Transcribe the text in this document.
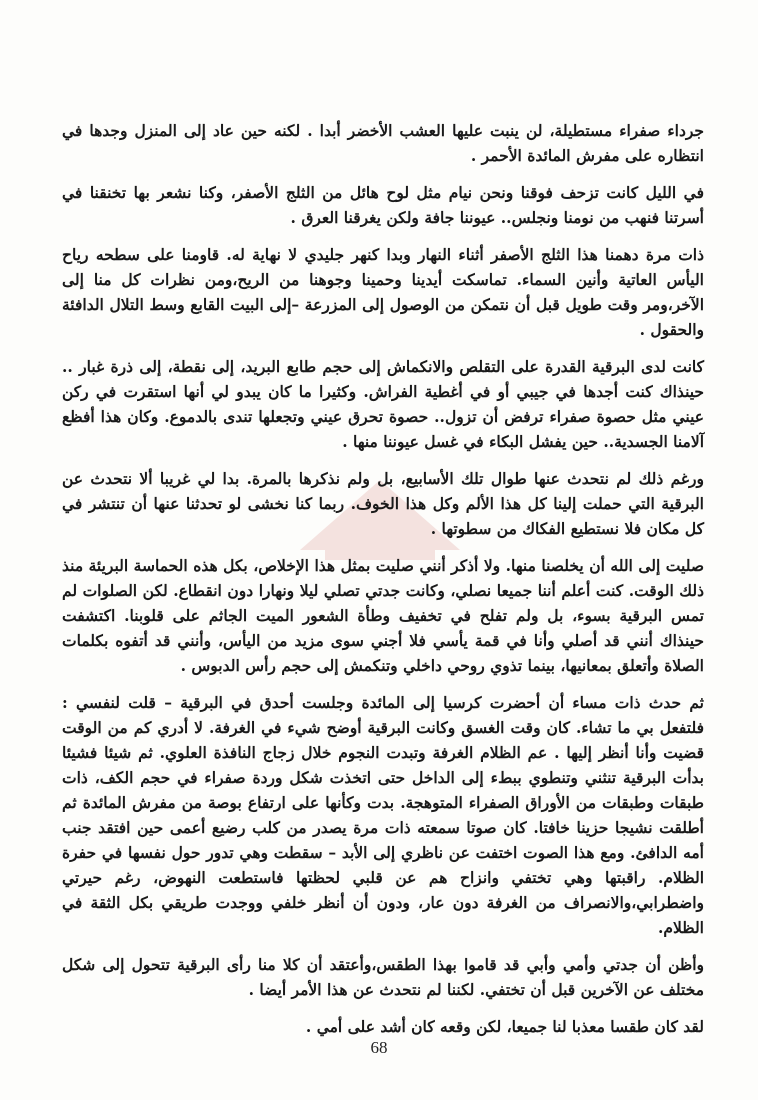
جرداء صفراء مستطيلة، لن ينبت عليها العشب الأخضر أبدا . لكنه حين عاد إلى المنزل وجدها في انتظاره على مفرش المائدة الأحمر .

في الليل كانت تزحف فوقنا ونحن نيام مثل لوح هائل من الثلج الأصفر، وكنا نشعر بها تخنقنا في أسرتنا فنهب من نومنا ونجلس.. عيوننا جافة ولكن يغرقنا العرق .

ذات مرة دهمنا هذا الثلج الأصفر أثناء النهار وبدا كنهر جليدي لا نهاية له. قاومنا على سطحه رياح اليأس العاتية وأنين السماء. تماسكت أيدينا وحمينا وجوهنا من الريح،ومن نظرات كل منا إلى الآخر،ومر وقت طويل قبل أن نتمكن من الوصول إلى المزرعة –إلى البيت القابع وسط التلال الدافئة والحقول .

كانت لدى البرقية القدرة على التقلص والانكماش إلى حجم طابع البريد، إلى نقطة، إلى ذرة غبار .. حينذاك كنت أجدها في جيبي أو في أغطية الفراش. وكثيرا ما كان يبدو لي أنها استقرت في ركن عيني مثل حصوة صفراء ترفض أن تزول.. حصوة تحرق عيني وتجعلها تندى بالدموع. وكان هذا أفظع آلامنا الجسدية.. حين يفشل البكاء في غسل عيوننا منها .

ورغم ذلك لم نتحدث عنها طوال تلك الأسابيع، بل ولم نذكرها بالمرة. بدا لي غريبا ألا نتحدث عن البرقية التي حملت إلينا كل هذا الألم وكل هذا الخوف. ربما كنا نخشى لو تحدثنا عنها أن تنتشر في كل مكان فلا نستطيع الفكاك من سطوتها .

صليت إلى الله أن يخلصنا منها. ولا أذكر أنني صليت بمثل هذا الإخلاص، بكل هذه الحماسة البريئة منذ ذلك الوقت. كنت أعلم أننا جميعا نصلي، وكانت جدتي تصلي ليلا ونهارا دون انقطاع. لكن الصلوات لم تمس البرقية بسوء، بل ولم تفلح في تخفيف وطأة الشعور الميت الجاثم على قلوبنا. اكتشفت حينذاك أنني قد أصلي وأنا في قمة يأسي فلا أجني سوى مزيد من اليأس، وأنني قد أتفوه بكلمات الصلاة وأتعلق بمعانيها، بينما تذوي روحي داخلي وتنكمش إلى حجم رأس الدبوس .

ثم حدث ذات مساء أن أحضرت كرسيا إلى المائدة وجلست أحدق في البرقية – قلت لنفسي : فلتفعل بي ما تشاء. كان وقت الغسق وكانت البرقية أوضح شيء في الغرفة. لا أدري كم من الوقت قضيت وأنا أنظر إليها . عم الظلام الغرفة وتبدت النجوم خلال زجاج النافذة العلوي. ثم شيئا فشيئا بدأت البرقية تنثني وتنطوي ببطء إلى الداخل حتى اتخذت شكل وردة صفراء في حجم الكف، ذات طبقات وطبقات من الأوراق الصفراء المتوهجة. بدت وكأنها على ارتفاع بوصة من مفرش المائدة ثم أطلقت نشيجا حزينا خافتا. كان صوتا سمعته ذات مرة يصدر من كلب رضيع أعمى حين افتقد جنب أمه الدافئ. ومع هذا الصوت اختفت عن ناظري إلى الأبد – سقطت وهي تدور حول نفسها في حفرة الظلام. راقبتها وهي تختفي وانزاح هم عن قلبي لحظتها فاستطعت النهوض، رغم حيرتي واضطرابي،والانصراف من الغرفة دون عار، ودون أن أنظر خلفي ووجدت طريقي بكل الثقة في الظلام.

وأظن أن جدتي وأمي وأبي قد قاموا بهذا الطقس،وأعتقد أن كلا منا رأى البرقية تتحول إلى شكل مختلف عن الآخرين قبل أن تختفي. لكننا لم نتحدث عن هذا الأمر أيضا .

لقد كان طقسا معذبا لنا جميعا، لكن وقعه كان أشد على أمي .

68
